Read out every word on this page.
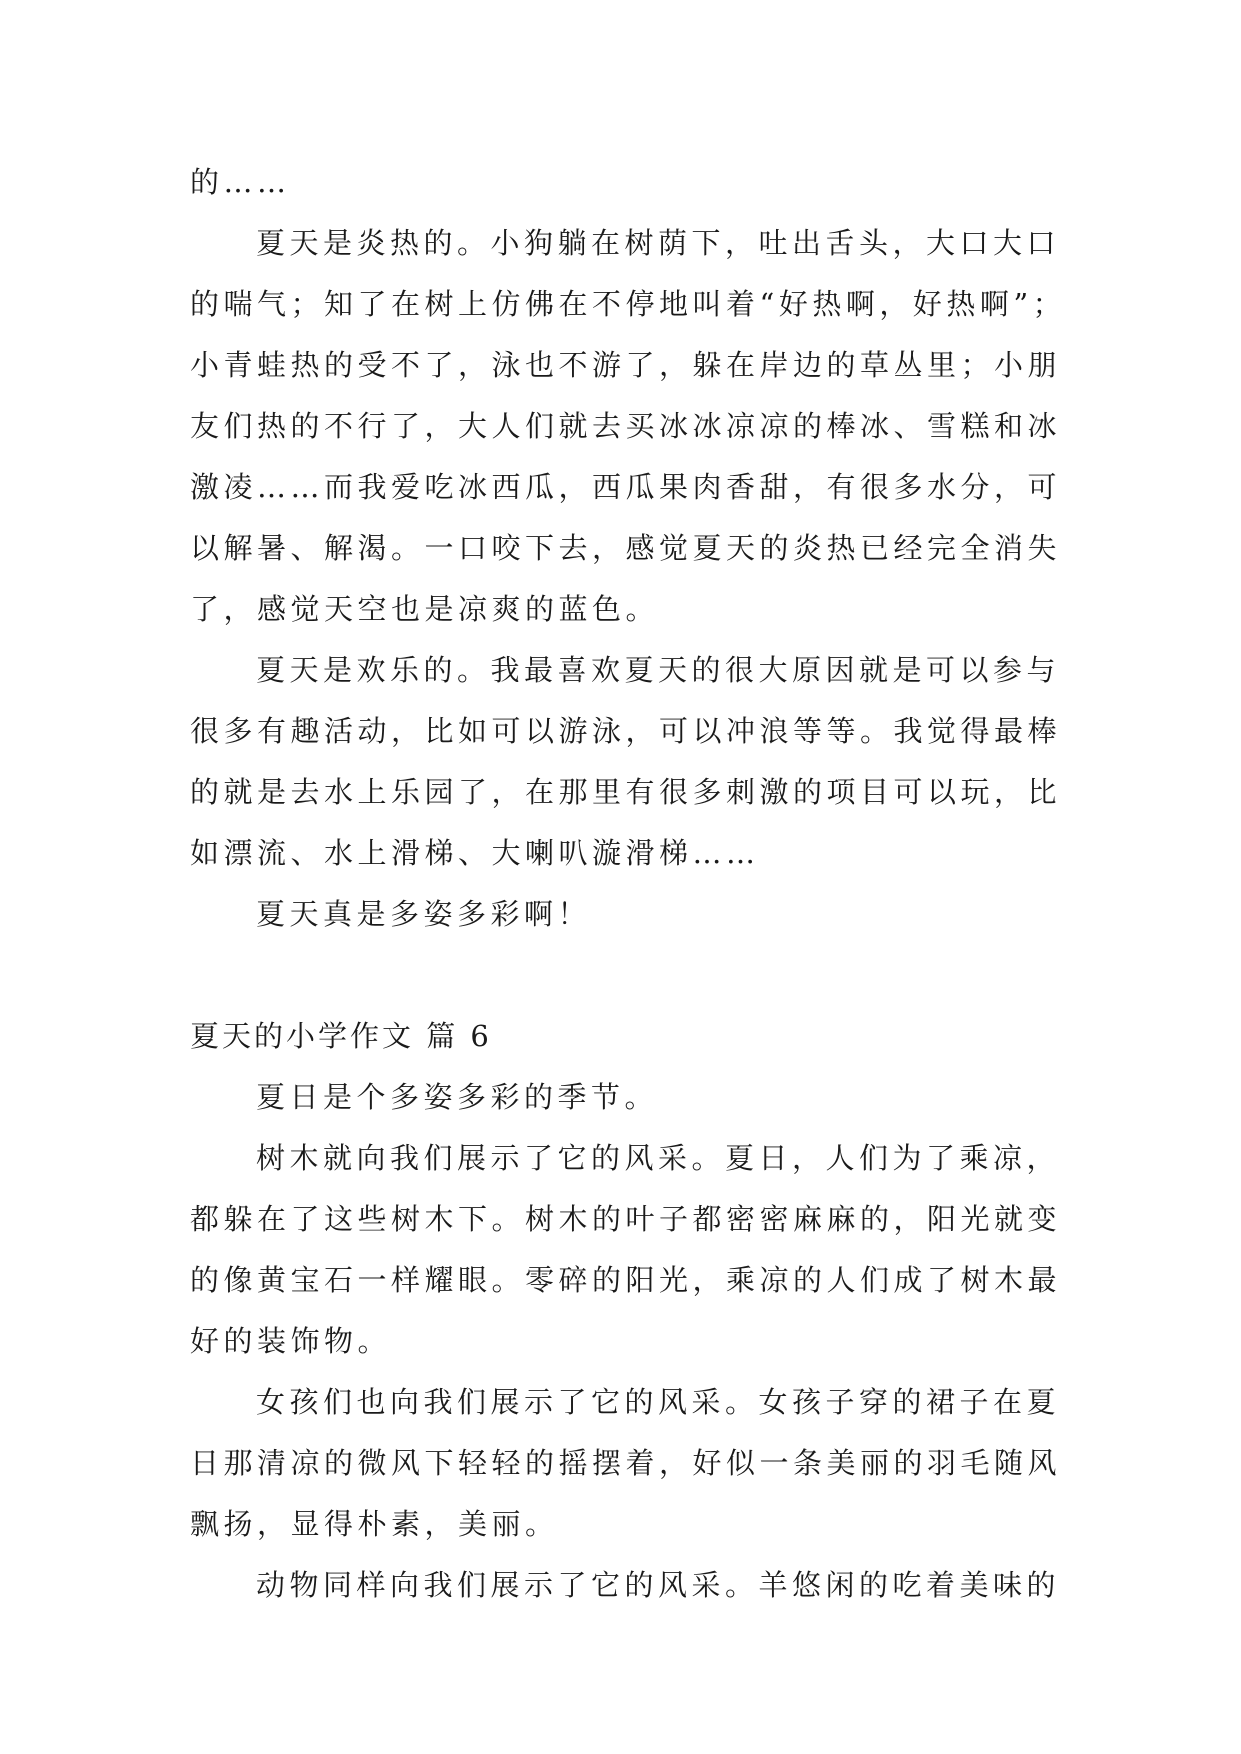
的……
夏天是炎热的。小狗躺在树荫下，吐出舌头，大口大口
的喘气；知了在树上仿佛在不停地叫着“好热啊，好热啊”；
小青蛙热的受不了，泳也不游了，躲在岸边的草丛里；小朋
友们热的不行了，大人们就去买冰冰凉凉的棒冰、雪糕和冰
激凌……而我爱吃冰西瓜，西瓜果肉香甜，有很多水分，可
以解暑、解渴。一口咬下去，感觉夏天的炎热已经完全消失
了，感觉天空也是凉爽的蓝色。
夏天是欢乐的。我最喜欢夏天的很大原因就是可以参与
很多有趣活动，比如可以游泳，可以冲浪等等。我觉得最棒
的就是去水上乐园了，在那里有很多刺激的项目可以玩，比
如漂流、水上滑梯、大喇叭漩滑梯……
夏天真是多姿多彩啊！
夏天的小学作文 篇 6
夏日是个多姿多彩的季节。
树木就向我们展示了它的风采。夏日，人们为了乘凉，
都躲在了这些树木下。树木的叶子都密密麻麻的，阳光就变
的像黄宝石一样耀眼。零碎的阳光，乘凉的人们成了树木最
好的装饰物。
女孩们也向我们展示了它的风采。女孩子穿的裙子在夏
日那清凉的微风下轻轻的摇摆着，好似一条美丽的羽毛随风
飘扬，显得朴素，美丽。
动物同样向我们展示了它的风采。羊悠闲的吃着美味的
